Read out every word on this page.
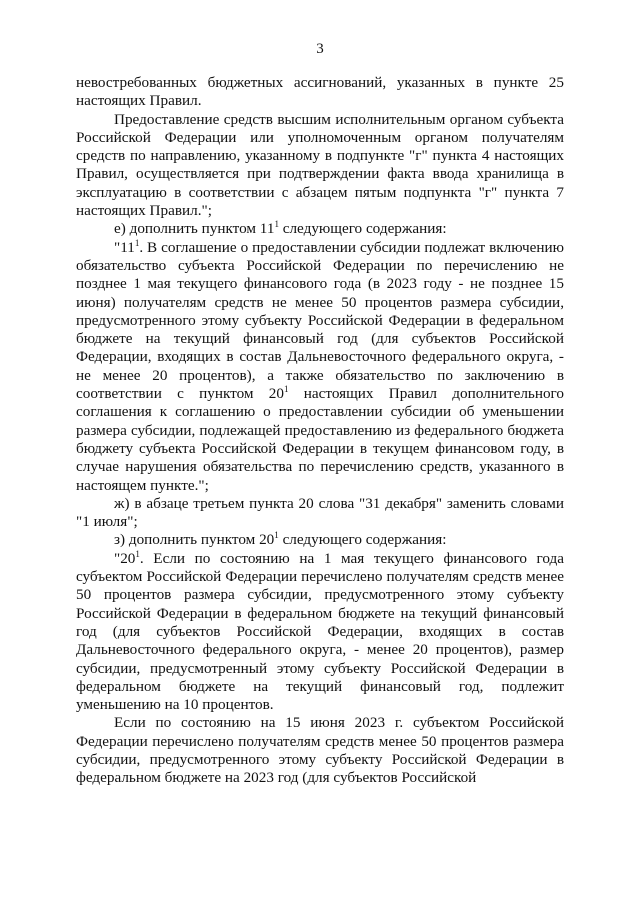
3

невостребованных бюджетных ассигнований, указанных в пункте 25 настоящих Правил.

Предоставление средств высшим исполнительным органом субъекта Российской Федерации или уполномоченным органом получателям средств по направлению, указанному в подпункте "г" пункта 4 настоящих Правил, осуществляется при подтверждении факта ввода хранилища в эксплуатацию в соответствии с абзацем пятым подпункта "г" пункта 7 настоящих Правил.";

е) дополнить пунктом $11^1$ следующего содержания:

"$11^1$. В соглашение о предоставлении субсидии подлежат включению обязательство субъекта Российской Федерации по перечислению не позднее 1 мая текущего финансового года (в 2023 году - не позднее 15 июня) получателям средств не менее 50 процентов размера субсидии, предусмотренного этому субъекту Российской Федерации в федеральном бюджете на текущий финансовый год (для субъектов Российской Федерации, входящих в состав Дальневосточного федерального округа, - не менее 20 процентов), а также обязательство по заключению в соответствии с пунктом $20^1$ настоящих Правил дополнительного соглашения к соглашению о предоставлении субсидии об уменьшении размера субсидии, подлежащей предоставлению из федерального бюджета бюджету субъекта Российской Федерации в текущем финансовом году, в случае нарушения обязательства по перечислению средств, указанного в настоящем пункте.";

ж) в абзаце третьем пункта 20 слова "31 декабря" заменить словами "1 июля";

з) дополнить пунктом $20^1$ следующего содержания:

"$20^1$. Если по состоянию на 1 мая текущего финансового года субъектом Российской Федерации перечислено получателям средств менее 50 процентов размера субсидии, предусмотренного этому субъекту Российской Федерации в федеральном бюджете на текущий финансовый год (для субъектов Российской Федерации, входящих в состав Дальневосточного федерального округа, - менее 20 процентов), размер субсидии, предусмотренный этому субъекту Российской Федерации в федеральном бюджете на текущий финансовый год, подлежит уменьшению на 10 процентов.

Если по состоянию на 15 июня 2023 г. субъектом Российской Федерации перечислено получателям средств менее 50 процентов размера субсидии, предусмотренного этому субъекту Российской Федерации в федеральном бюджете на 2023 год (для субъектов Российской
